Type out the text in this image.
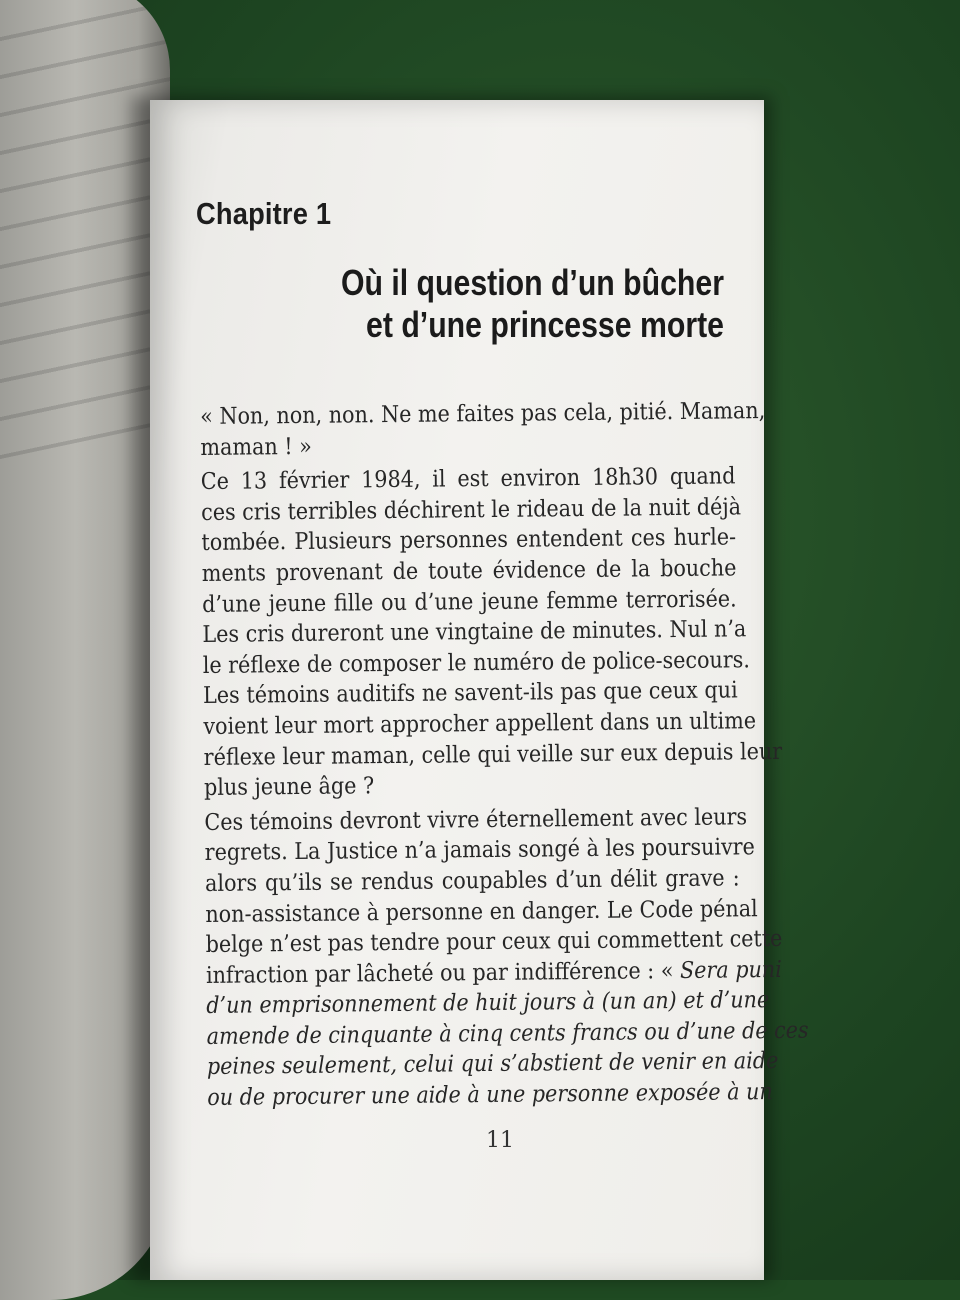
Chapitre 1
Où il question d’un bûcher
et d’une princesse morte
« Non, non, non. Ne me faites pas cela, pitié. Maman,
maman ! »
Ce 13 février 1984, il est environ 18h30 quand
ces cris terribles déchirent le rideau de la nuit déjà
tombée. Plusieurs personnes entendent ces hurle-
ments provenant de toute évidence de la bouche
d’une jeune fille ou d’une jeune femme terrorisée.
Les cris dureront une vingtaine de minutes. Nul n’a
le réflexe de composer le numéro de police-secours.
Les témoins auditifs ne savent-ils pas que ceux qui
voient leur mort approcher appellent dans un ultime
réflexe leur maman, celle qui veille sur eux depuis leur
plus jeune âge ?
Ces témoins devront vivre éternellement avec leurs
regrets. La Justice n’a jamais songé à les poursuivre
alors qu’ils se rendus coupables d’un délit grave :
non-assistance à personne en danger. Le Code pénal
belge n’est pas tendre pour ceux qui commettent cette
infraction par lâcheté ou par indifférence : « Sera puni
d’un emprisonnement de huit jours à (un an) et d’une
amende de cinquante à cinq cents francs ou d’une de ces
peines seulement, celui qui s’abstient de venir en aide
ou de procurer une aide à une personne exposée à un
11
